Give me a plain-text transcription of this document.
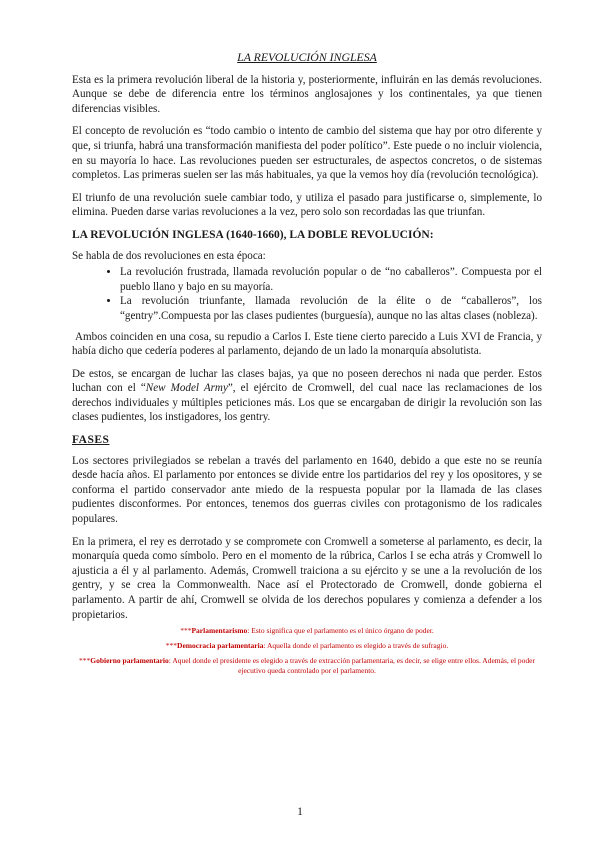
LA REVOLUCIÓN INGLESA

Esta es la primera revolución liberal de la historia y, posteriormente, influirán en las demás revoluciones. Aunque se debe de diferencia entre los términos anglosajones y los continentales, ya que tienen diferencias visibles.

El concepto de revolución es “todo cambio o intento de cambio del sistema que hay por otro diferente y que, si triunfa, habrá una transformación manifiesta del poder político”. Este puede o no incluir violencia, en su mayoría lo hace. Las revoluciones pueden ser estructurales, de aspectos concretos, o de sistemas completos. Las primeras suelen ser las más habituales, ya que la vemos hoy día (revolución tecnológica).

El triunfo de una revolución suele cambiar todo, y utiliza el pasado para justificarse o, simplemente, lo elimina. Pueden darse varias revoluciones a la vez, pero solo son recordadas las que triunfan.

LA REVOLUCIÓN INGLESA (1640-1660), LA DOBLE REVOLUCIÓN:

Se habla de dos revoluciones en esta época:

• La revolución frustrada, llamada revolución popular o de “no caballeros”. Compuesta por el pueblo llano y bajo en su mayoría.
• La revolución triunfante, llamada revolución de la élite o de “caballeros”, los “gentry”.Compuesta por las clases pudientes (burguesía), aunque no las altas clases (nobleza).

Ambos coinciden en una cosa, su repudio a Carlos I. Este tiene cierto parecido a Luis XVI de Francia, y había dicho que cedería poderes al parlamento, dejando de un lado la monarquía absolutista.

De estos, se encargan de luchar las clases bajas, ya que no poseen derechos ni nada que perder. Estos luchan con el “New Model Army”, el ejército de Cromwell, del cual nace las reclamaciones de los derechos individuales y múltiples peticiones más. Los que se encargaban de dirigir la revolución son las clases pudientes, los instigadores, los gentry.

FASES

Los sectores privilegiados se rebelan a través del parlamento en 1640, debido a que este no se reunía desde hacía años. El parlamento por entonces se divide entre los partidarios del rey y los opositores, y se conforma el partido conservador ante miedo de la respuesta popular por la llamada de las clases pudientes disconformes. Por entonces, tenemos dos guerras civiles con protagonismo de los radicales populares.

En la primera, el rey es derrotado y se compromete con Cromwell a someterse al parlamento, es decir, la monarquía queda como símbolo. Pero en el momento de la rúbrica, Carlos I se echa atrás y Cromwell lo ajusticia a él y al parlamento. Además, Cromwell traiciona a su ejército y se une a la revolución de los gentry, y se crea la Commonwealth. Nace así el Protectorado de Cromwell, donde gobierna el parlamento. A partir de ahí, Cromwell se olvida de los derechos populares y comienza a defender a los propietarios.

***Parlamentarismo: Esto significa que el parlamento es el único órgano de poder.
***Democracia parlamentaria: Aquella donde el parlamento es elegido a través de sufragio.
***Gobierno parlamentario: Aquel donde el presidente es elegido a través de extracción parlamentaria, es decir, se elige entre ellos. Además, el poder ejecutivo queda controlado por el parlamento.
1
